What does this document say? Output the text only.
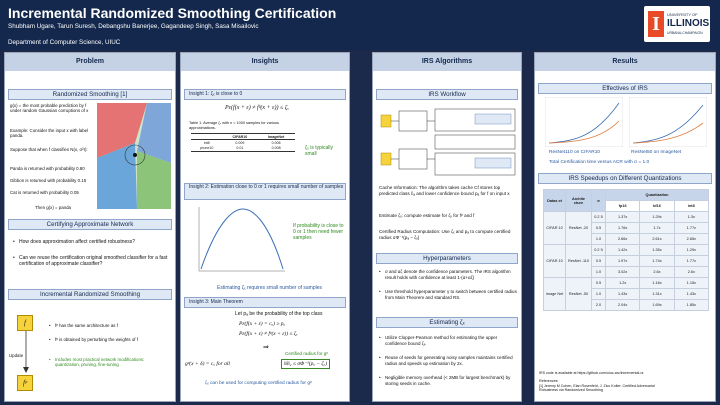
Incremental Randomized Smoothing Certification
Shubham Ugare, Tarun Suresh, Debangshu Banerjee, Gagandeep Singh, Sasa Misailovic
Department of Computer Science, UIUC
I	UNIVERSITY OF
ILLINOIS
URBANA-CHAMPAIGN
Problem
Randomized Smoothing [1]
g(x) = the most probable prediction by f under random Gaussian corruptions of x
Example: Consider the input x with label panda.
Suppose that when f classifies N(x, σ²I):
Panda is returned with probability 0.80
Gibbon is returned with probability 0.15
Cat is returned with probability 0.05
Then g(x) = panda
Certifying Approximate Network
• How does approximation affect certified robustness?
• Can we reuse the certification original smoothed classifier for a fast certification of approximate classifier?
Incremental Randomized Smoothing
f
Update
fᵖ
• fᵖ has the same architecture as f
• fᵖ is obtained by perturbing the weights of f
• Includes most practical network modifications: quantization, pruning, fine-tuning
Insights
Insight 1: ζₓ is close to 0
Pε(f(x + ε) ≠ fᵖ(x + ε)) ≤ ζₓ
Table 1. Average ζₓ with n = 1000 samples for various approximations.
	CIFAR10	ImageNet
int8	0.009	0.006
prune10	0.01	0.008	ζₓ is typically small
Insight 2: Estimation close to 0 or 1 requires small number of samples
If probability is close to 0 or 1 then need fewer samples
Estimating ζₓ requires small number of samples
Insight 3: Main Theorem
Let pₐ be the probability of the top class
Pε(f(x + ε) = cₐ) ≥ pₐ
Pε(f(x + ε) ≠ fᵖ(x + ε)) ≤ ζₓ
⇒
Certified radius for gᵖ
gᵖ(x + δ) = cₐ for all	‖δ‖₂ ≤ σΦ⁻¹(pₐ − ζₓ)
ζₓ can be used for computing certified radius for gᵖ
IRS Algorithms
IRS Workflow
Cache Information: The algorithm takes cache Cf stores top predicted class ĉₐ and lower confidence bound pₐ for f on input x
Estimate ζₓ: compute estimate for ζₓ for fᵖ and f
Certified Radius Computation: Use ζₓ and pₐ to compute certified radius σΦ⁻¹(pₐ − ζₓ)
Hyperparameters
• σ and αζ denote the confidence parameters. The IRS algorithm result holds with confidence at least 1-(α+αζ)
• Use threshold hyperparameter γ to switch between certified radius from Main Theorem and standard RS.
Estimating ζₓ
• Utilize Clopper-Pearson method for estimating the upper confidence bound ζₓ.
• Reuse of seeds for generating noisy samples maintains certified radius and speeds up estimation by 2x.
• Negligible memory overhead (< 2MB for largest benchmark) by storing seeds in cache.
Results
Effectives of IRS
ResNet110 on CIFAR10	ResNet50 on ImageNet
Total Certification time versus ACR with σ = 1.0
IRS Speedups on Different Quantizations
Datas et	Archite cture	σ	Quantization		
			fp16	bf16	int8
CIFAR 10	ResNet -20	0.2 5	1.37x	1.29x	1.3x
		0.5	1.76x	1.7x	1.77x
		1.0	2.66x	2.61x	2.65x
CIFAR 10	ResNet -110	0.2 5	1.42x	1.35x	1.29x
		0.5	1.97x	1.74x	1.77x
		1.0	3.02x	2.6x	2.6x
Image Net	ResNet -50	0.5	1.2x	1.16x	1.15x
		1.0	1.43x	1.31x	1.43x
		2.0	2.04x	1.69x	1.85x
IRS code is available at https://github.com/uiuc-arc/incremental-rs
References:
[1] Jeremy M Cohen, Elan Rosenfeld, J. Zico Kolter. Certified Adversarial Robustness via Randomized Smoothing
